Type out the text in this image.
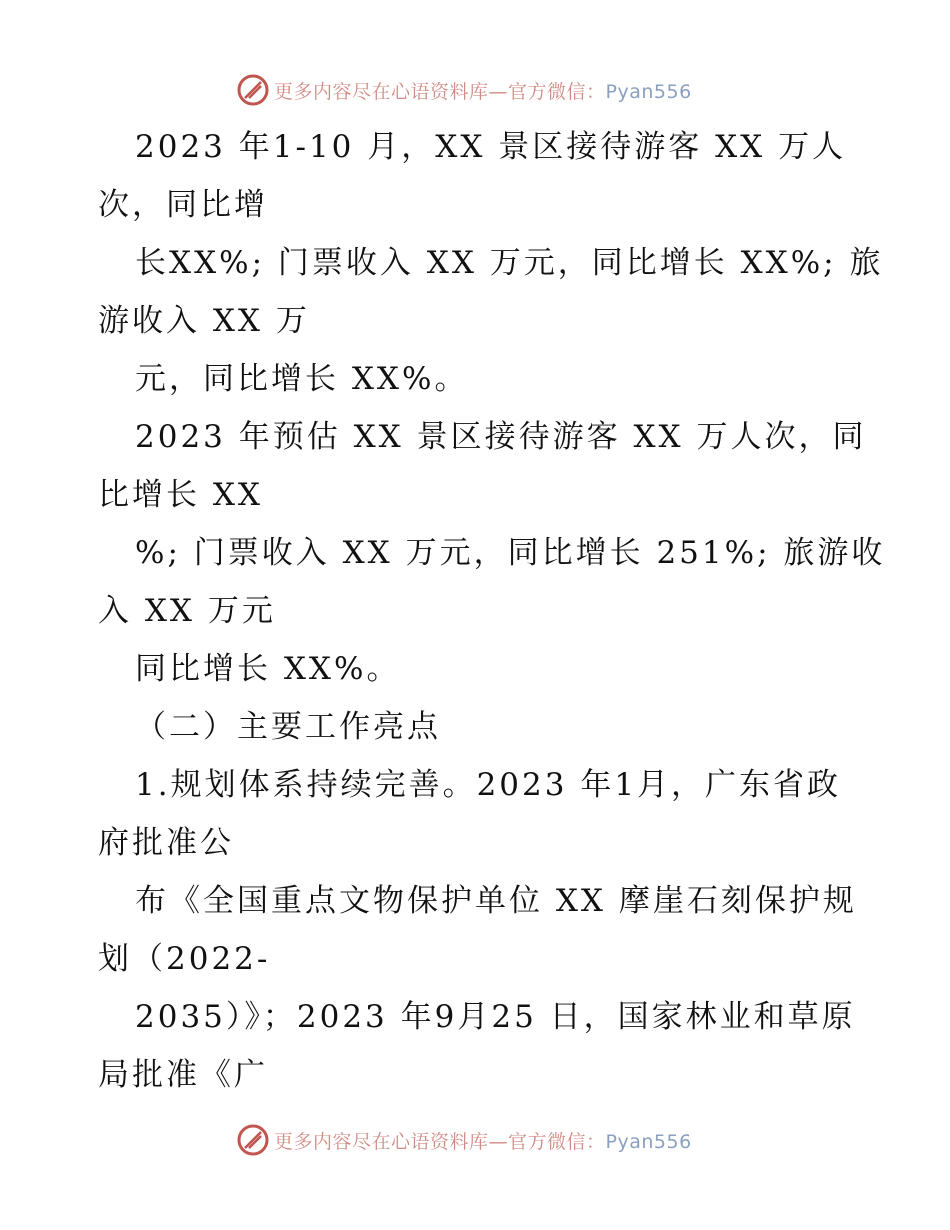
更多内容尽在心语资料库—官方微信：Pyan556
2023 年1-10 月，XX 景区接待游客 XX 万人
次，同比增
长XX%; 门票收入 XX 万元，同比增长 XX%; 旅
游收入 XX 万
元，同比增长 XX%。
2023 年预估 XX 景区接待游客 XX 万人次，同
比增长 XX
%; 门票收入 XX 万元，同比增长 251%; 旅游收
入 XX 万元
同比增长 XX%。
（二）主要工作亮点
1.规划体系持续完善。2023 年1月，广东省政
府批准公
布《全国重点文物保护单位 XX 摩崖石刻保护规
划（2022-
2035）》；2023 年9月25 日，国家林业和草原
局批准《广
更多内容尽在心语资料库—官方微信：Pyan556
